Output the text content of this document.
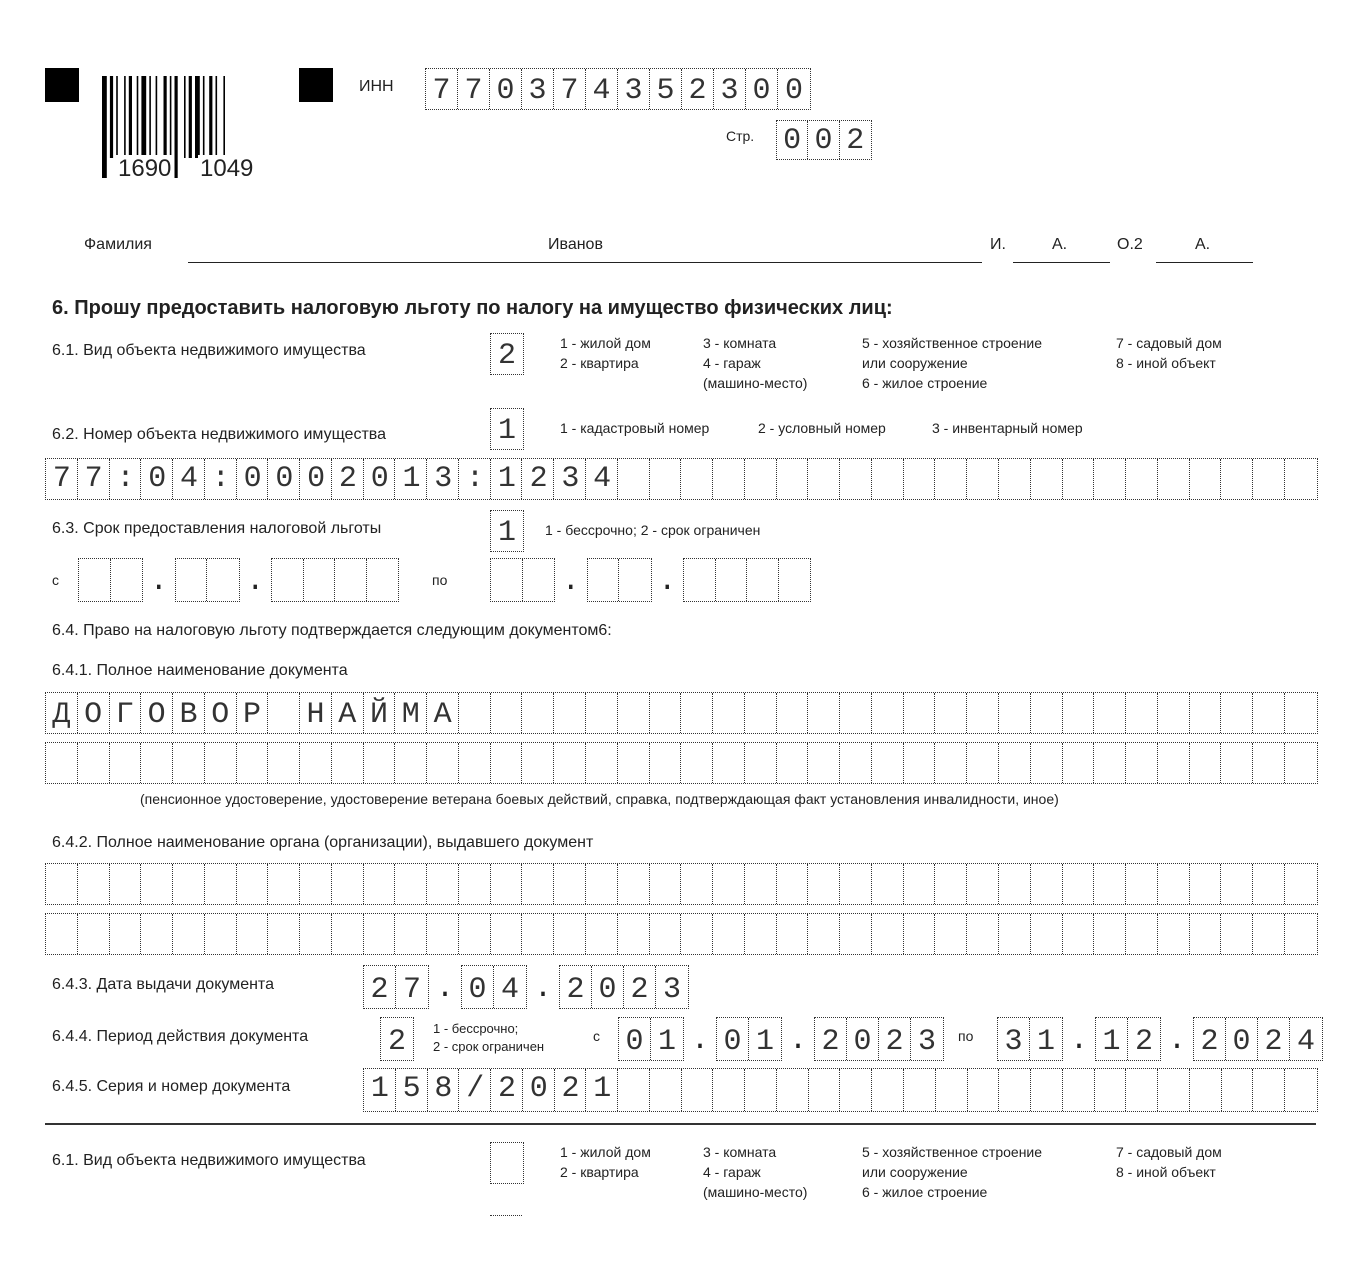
1690 1049
ИНН 7 7 0 3 7 4 3 5 2 3 0 0
Стр. 0 0 2
Фамилия	Иванов	И.	А.	О.2	А.
6. Прошу предоставить налоговую льготу по налогу на имущество физических лиц:
6.1. Вид объекта недвижимого имущества	2	1 - жилой дом
2 - квартира
3 - комната
4 - гараж
(машино-место)
5 - хозяйственное строение
или сооружение
6 - жилое строение
7 - садовый дом
8 - иной объект
6.2. Номер объекта недвижимого имущества	1	1 - кадастровый номер	2 - условный номер	3 - инвентарный номер
77:04:0002013:1234
6.3. Срок предоставления налоговой льготы	1	1 - бессрочно; 2 - срок ограничен
с	.	.	по	.	.
6.4. Право на налоговую льготу подтверждается следующим документом6:
6.4.1. Полное наименование документа
Д О Г О В О Р Н А Й М А
(пенсионное удостоверение, удостоверение ветерана боевых действий, справка, подтверждающая факт установления инвалидности, иное)
6.4.2. Полное наименование органа (организации), выдавшего документ
6.4.3. Дата выдачи документа	2 7 . 0 4 . 2 0 2 3
6.4.4. Период действия документа	2	1 - бессрочно;
2 - срок ограничен
с 0 1 . 0 1 . 2 0 2 3	по 3 1 . 1 2 . 2 0 2 4
6.4.5. Серия и номер документа	158/2021
6.1. Вид объекта недвижимого имущества	1 - жилой дом
2 - квартира
3 - комната
4 - гараж
(машино-место)
5 - хозяйственное строение
или сооружение
6 - жилое строение
7 - садовый дом
8 - иной объект
